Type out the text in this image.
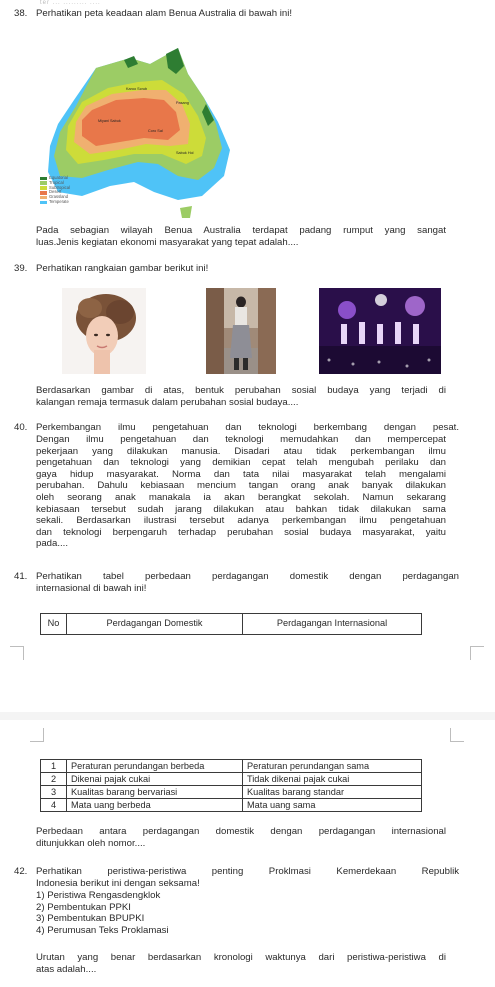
ter ... ......... ....
38. Perhatikan peta keadaan alam Benua Australia di bawah ini!
Karoo Scrub
Pasang
Miyani Sabuk
Coro Sal
Sabuk Hol
Equatorial
Tropical
Subtropical
Desert
Grassland
Temperate
Pada sebagian wilayah Benua Australia terdapat padang rumput yang sangat
luas.Jenis kegiatan ekonomi masyarakat yang tepat adalah....
39. Perhatikan rangkaian gambar berikut ini!
Berdasarkan gambar di atas, bentuk perubahan sosial budaya yang terjadi di
kalangan remaja termasuk dalam perubahan sosial budaya....
40. Perkembangan ilmu pengetahuan dan teknologi berkembang dengan pesat.
Dengan ilmu pengetahuan dan teknologi memudahkan dan mempercepat
pekerjaan yang dilakukan manusia. Disadari atau tidak perkembangan ilmu
pengetahuan dan teknologi yang demikian cepat telah mengubah perilaku dan
gaya hidup masyarakat. Norma dan tata nilai masyarakat telah mengalami
perubahan. Dahulu kebiasaan mencium tangan orang anak banyak dilakukan
oleh seorang anak manakala ia akan berangkat sekolah. Namun sekarang
kebiasaan tersebut sudah jarang dilakukan atau bahkan tidak dilakukan sama
sekali. Berdasarkan ilustrasi tersebut adanya perkembangan ilmu pengetahuan
dan teknologi berpengaruh terhadap perubahan sosial budaya masyarakat, yaitu
pada....
41. Perhatikan tabel perbedaan perdagangan domestik dengan perdagangan
internasional di bawah ini!
No	Perdagangan Domestik	Perdagangan Internasional
1	Peraturan perundangan berbeda	Peraturan perundangan sama
2	Dikenai pajak cukai	Tidak dikenai pajak cukai
3	Kualitas barang bervariasi	Kualitas barang standar
4	Mata uang berbeda	Mata uang sama
Perbedaan antara perdagangan domestik dengan perdagangan internasional
ditunjukkan oleh nomor....
42. Perhatikan peristiwa-peristiwa penting Proklmasi Kemerdekaan Republik
Indonesia berikut ini dengan seksama!
1) Peristiwa Rengasdengklok
2) Pembentukan PPKI
3) Pembentukan BPUPKI
4) Perumusan Teks Proklamasi
Urutan yang benar berdasarkan kronologi waktunya dari peristiwa-peristiwa di
atas adalah....
